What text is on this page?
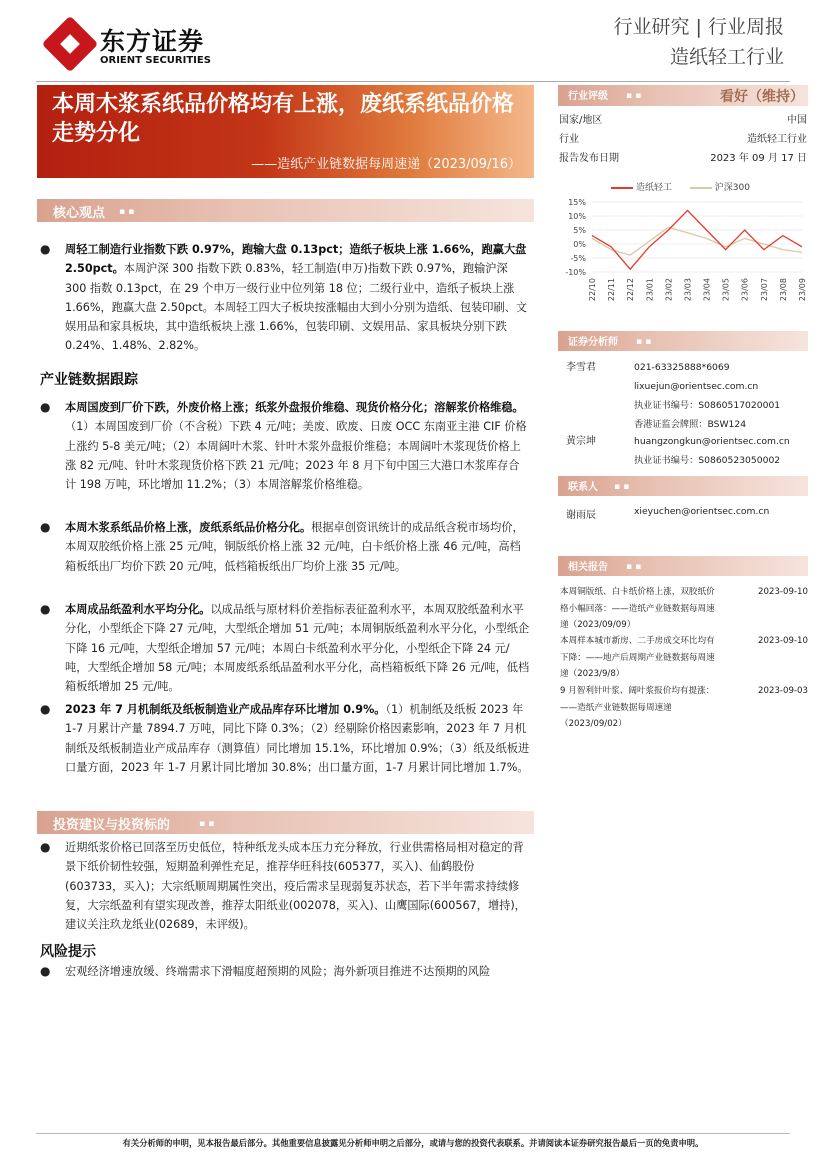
东方证券
ORIENT SECURITIES
行业研究 | 行业周报
造纸轻工行业
本周木浆系纸品价格均有上涨，废纸系纸品价格走势分化
——造纸产业链数据每周速递（2023/09/16）
核心观点 ▪ ▪
● 周轻工制造行业指数下跌 0.97%，跑输大盘 0.13pct；造纸子板块上涨 1.66%，跑赢大盘 2.50pct。本周沪深 300 指数下跌 0.83%，轻工制造(申万)指数下跌 0.97%，跑输沪深 300 指数 0.13pct，在 29 个申万一级行业中位列第 18 位；二级行业中，造纸子板块上涨 1.66%，跑赢大盘 2.50pct。本周轻工四大子板块按涨幅由大到小分别为造纸、包装印刷、文娱用品和家具板块，其中造纸板块上涨 1.66%，包装印刷、文娱用品、家具板块分别下跌 0.24%、1.48%、2.82%。
产业链数据跟踪
● 本周国废到厂价下跌，外废价格上涨；纸浆外盘报价维稳、现货价格分化；溶解浆价格维稳。（1）本周国废到厂价（不含税）下跌 4 元/吨；美废、欧废、日废 OCC 东南亚主港 CIF 价格上涨约 5-8 美元/吨；（2）本周阔叶木浆、针叶木浆外盘报价维稳；本周阔叶木浆现货价格上涨 82 元/吨、针叶木浆现货价格下跌 21 元/吨；2023 年 8 月下旬中国三大港口木浆库存合计 198 万吨，环比增加 11.2%；（3）本周溶解浆价格维稳。
● 本周木浆系纸品价格上涨，废纸系纸品价格分化。根据卓创资讯统计的成品纸含税市场均价，本周双胶纸价格上涨 25 元/吨，铜版纸价格上涨 32 元/吨，白卡纸价格上涨 46 元/吨，高档箱板纸出厂均价下跌 20 元/吨，低档箱板纸出厂均价上涨 35 元/吨。
● 本周成品纸盈利水平均分化。以成品纸与原材料价差指标表征盈利水平，本周双胶纸盈利水平分化，小型纸企下降 27 元/吨，大型纸企增加 51 元/吨；本周铜版纸盈利水平分化，小型纸企下降 16 元/吨，大型纸企增加 57 元/吨；本周白卡纸盈利水平分化，小型纸企下降 24 元/吨，大型纸企增加 58 元/吨；本周废纸系纸品盈利水平分化，高档箱板纸下降 26 元/吨，低档箱板纸增加 25 元/吨。
● 2023 年 7 月机制纸及纸板制造业产成品库存环比增加 0.9%。（1）机制纸及纸板 2023 年 1-7 月累计产量 7894.7 万吨，同比下降 0.3%；（2）经剔除价格因素影响，2023 年 7 月机制纸及纸板制造业产成品库存（测算值）同比增加 15.1%，环比增加 0.9%；（3）纸及纸板进口量方面，2023 年 1-7 月累计同比增加 30.8%；出口量方面，1-7 月累计同比增加 1.7%。
投资建议与投资标的	▪ ▪
● 近期纸浆价格已回落至历史低位，特种纸龙头成本压力充分释放，行业供需格局相对稳定的背景下纸价韧性较强，短期盈利弹性充足，推荐华旺科技(605377，买入)、仙鹤股份(603733，买入)；大宗纸顺周期属性突出，疫后需求呈现弱复苏状态，若下半年需求持续修复，大宗纸盈利有望实现改善，推荐太阳纸业(002078，买入)、山鹰国际(600567，增持)，建议关注玖龙纸业(02689，未评级)。
风险提示
● 宏观经济增速放缓、终端需求下滑幅度超预期的风险；海外新项目推进不达预期的风险
行业评级 ▪ ▪	看好（维持）
国家/地区	中国
行业	造纸轻工行业
报告发布日期	2023 年 09 月 17 日
造纸轻工	沪深300
15%
10%
5%
0%
-5%
-10%
22/10 22/11 22/12 23/01 23/02 23/03 23/04 23/05 23/06 23/07 23/08 23/09
证券分析师 ▪ ▪
李雪君	021-63325888*6069
lixuejun@orientsec.com.cn
执业证书编号：S0860517020001
香港证监会牌照：BSW124
黄宗坤	huangzongkun@orientsec.com.cn
执业证书编号：S0860523050002
联系人 ▪ ▪
谢雨辰	xieyuchen@orientsec.com.cn
相关报告 ▪ ▪
本周铜版纸、白卡纸价格上涨，双胶纸价
格小幅回落：——造纸产业链数据每周速
递（2023/09/09）
2023-09-10
本周样本城市新房、二手房成交环比均有
下降：——地产后周期产业链数据每周速
递（2023/9/8）
2023-09-10
9 月智利针叶浆、阔叶浆报价均有提涨：
——造纸产业链数据每周速递
（2023/09/02）
2023-09-03
有关分析师的申明，见本报告最后部分。其他重要信息披露见分析师申明之后部分，或请与您的投资代表联系。并请阅读本证券研究报告最后一页的免责申明。
